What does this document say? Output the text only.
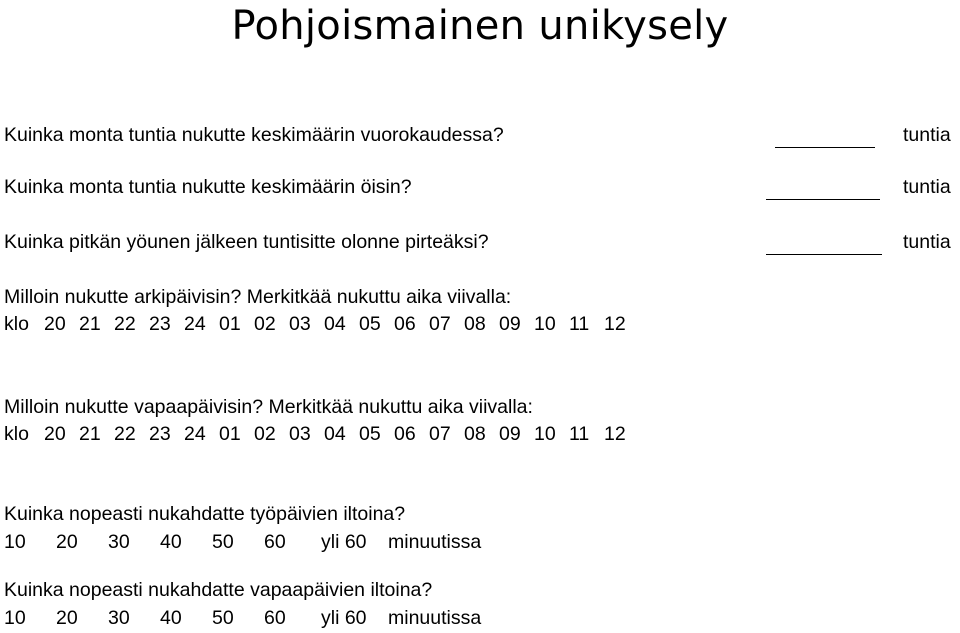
Pohjoismainen unikysely
Kuinka monta tuntia nukutte keskimäärin vuorokaudessa?	tuntia
Kuinka monta tuntia nukutte keskimäärin öisin?	tuntia
Kuinka pitkän yöunen jälkeen tuntisitte olonne pirteäksi?	tuntia
Milloin nukutte arkipäivisin? Merkitkää nukuttu aika viivalla:
klo 20 21 22 23 24 01 02 03 04 05 06 07 08 09 10 11 12
Milloin nukutte vapaapäivisin? Merkitkää nukuttu aika viivalla:
klo 20 21 22 23 24 01 02 03 04 05 06 07 08 09 10 11 12
Kuinka nopeasti nukahdatte työpäivien iltoina?
10	20	30	40	50	60	yli 60	minuutissa
Kuinka nopeasti nukahdatte vapaapäivien iltoina?
10	20	30	40	50	60	yli 60	minuutissa
